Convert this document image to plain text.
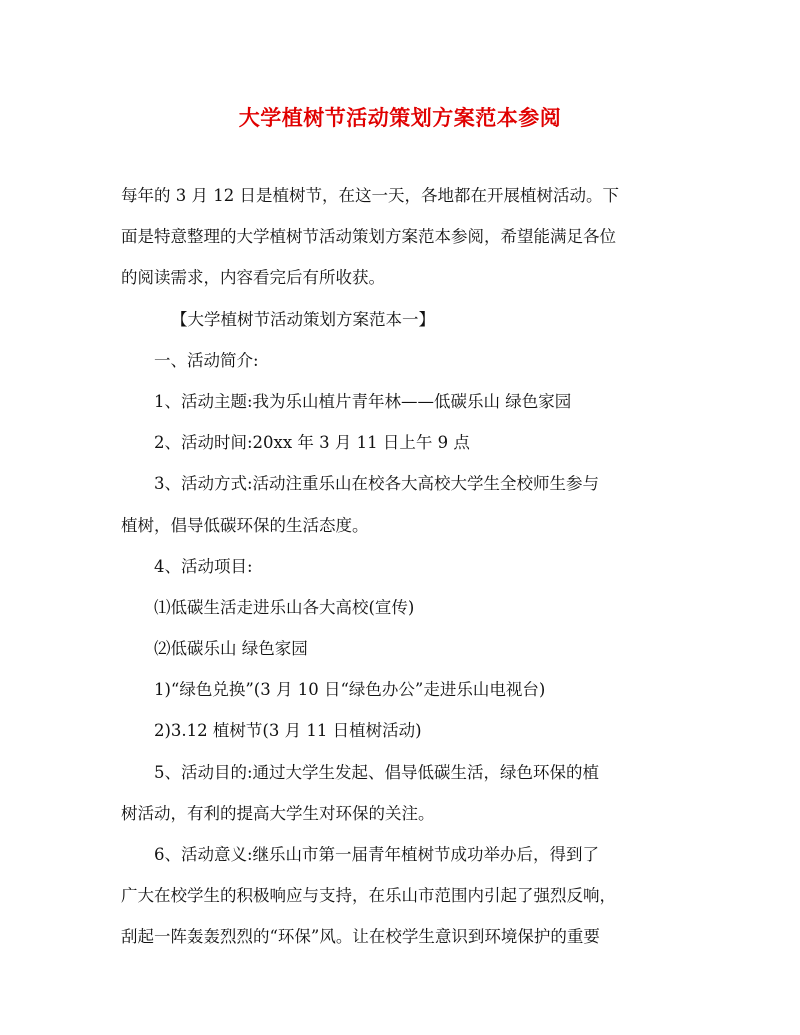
大学植树节活动策划方案范本参阅
每年的 3 月 12 日是植树节，在这一天，各地都在开展植树活动。下
面是特意整理的大学植树节活动策划方案范本参阅，希望能满足各位
的阅读需求，内容看完后有所收获。
【大学植树节活动策划方案范本一】
一、活动简介:
1、活动主题:我为乐山植片青年林——低碳乐山 绿色家园
2、活动时间:20xx 年 3 月 11 日上午 9 点
3、活动方式:活动注重乐山在校各大高校大学生全校师生参与
植树，倡导低碳环保的生活态度。
4、活动项目:
⑴低碳生活走进乐山各大高校(宣传)
⑵低碳乐山 绿色家园
1)“绿色兑换”(3 月 10 日“绿色办公”走进乐山电视台)
2)3.12 植树节(3 月 11 日植树活动)
5、活动目的:通过大学生发起、倡导低碳生活，绿色环保的植
树活动，有利的提高大学生对环保的关注。
6、活动意义:继乐山市第一届青年植树节成功举办后，得到了
广大在校学生的积极响应与支持，在乐山市范围内引起了强烈反响，
刮起一阵轰轰烈烈的“环保”风。让在校学生意识到环境保护的重要
